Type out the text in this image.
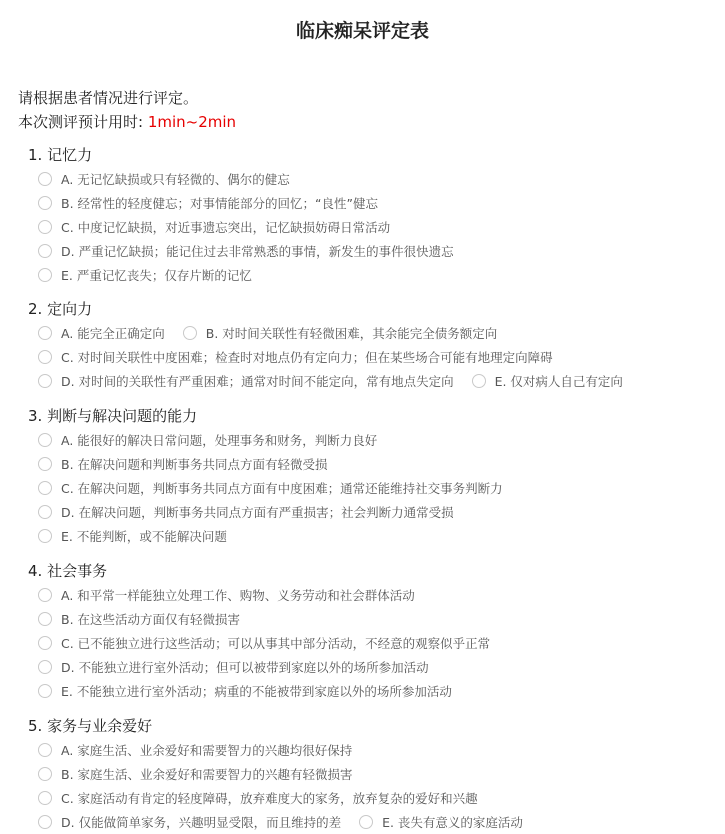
临床痴呆评定表
请根据患者情况进行评定。
本次测评预计用时: 1min~2min
1. 记忆力
A. 无记忆缺损或只有轻微的、偶尔的健忘
B. 经常性的轻度健忘；对事情能部分的回忆；“良性”健忘
C. 中度记忆缺损，对近事遗忘突出，记忆缺损妨碍日常活动
D. 严重记忆缺损；能记住过去非常熟悉的事情，新发生的事件很快遗忘
E. 严重记忆丧失；仅存片断的记忆
2. 定向力
A. 能完全正确定向	B. 对时间关联性有轻微困难，其余能完全债务额定向
C. 对时间关联性中度困难；检查时对地点仍有定向力；但在某些场合可能有地理定向障碍
D. 对时间的关联性有严重困难；通常对时间不能定向，常有地点失定向	E. 仅对病人自己有定向
3. 判断与解决问题的能力
A. 能很好的解决日常问题，处理事务和财务，判断力良好
B. 在解决问题和判断事务共同点方面有轻微受损
C. 在解决问题，判断事务共同点方面有中度困难；通常还能维持社交事务判断力
D. 在解决问题，判断事务共同点方面有严重损害；社会判断力通常受损
E. 不能判断，或不能解决问题
4. 社会事务
A. 和平常一样能独立处理工作、购物、义务劳动和社会群体活动
B. 在这些活动方面仅有轻微损害
C. 已不能独立进行这些活动；可以从事其中部分活动，不经意的观察似乎正常
D. 不能独立进行室外活动；但可以被带到家庭以外的场所参加活动
E. 不能独立进行室外活动；病重的不能被带到家庭以外的场所参加活动
5. 家务与业余爱好
A. 家庭生活、业余爱好和需要智力的兴趣均很好保持
B. 家庭生活、业余爱好和需要智力的兴趣有轻微损害
C. 家庭活动有肯定的轻度障碍，放弃难度大的家务，放弃复杂的爱好和兴趣
D. 仅能做简单家务，兴趣明显受限，而且维持的差	E. 丧失有意义的家庭活动
